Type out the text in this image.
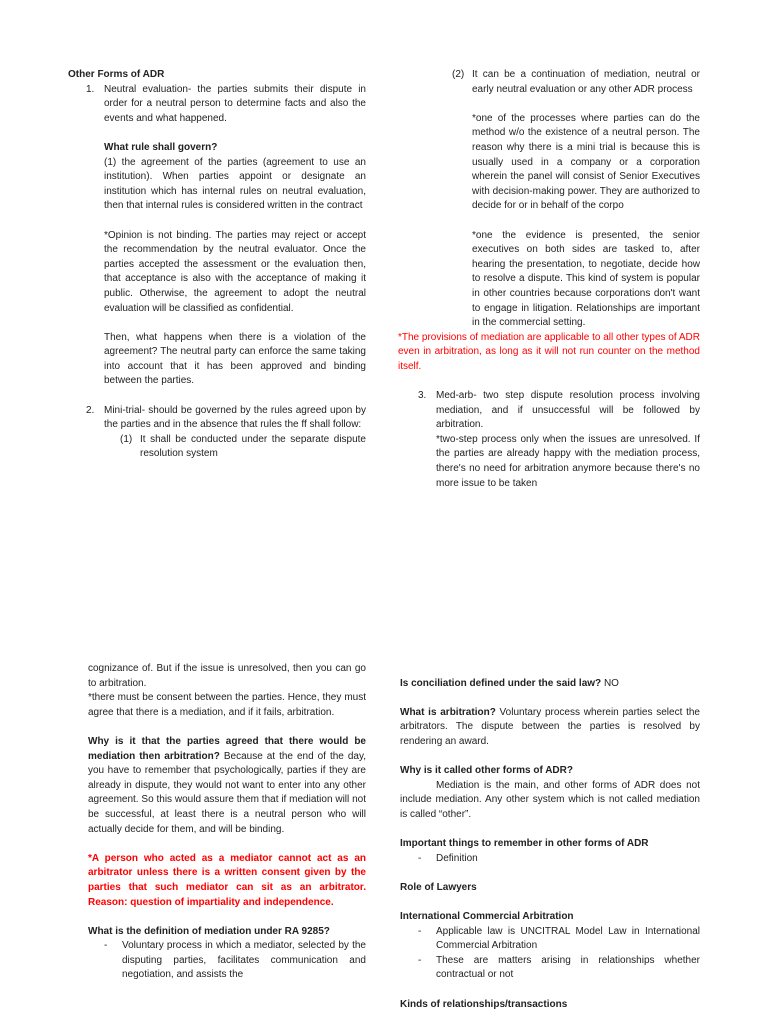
Other Forms of ADR

1. Neutral evaluation- the parties submits their dispute in order for a neutral person to determine facts and also the events and what happened.

What rule shall govern?

(1) the agreement of the parties (agreement to use an institution). When parties appoint or designate an institution which has internal rules on neutral evaluation, then that internal rules is considered written in the contract

*Opinion is not binding. The parties may reject or accept the recommendation by the neutral evaluator. Once the parties accepted the assessment or the evaluation then, that acceptance is also with the acceptance of making it public. Otherwise, the agreement to adopt the neutral evaluation will be classified as confidential.

Then, what happens when there is a violation of the agreement? The neutral party can enforce the same taking into account that it has been approved and binding between the parties.

2. Mini-trial- should be governed by the rules agreed upon by the parties and in the absence that rules the ff shall follow:
(1) It shall be conducted under the separate dispute resolution system
(2) It can be a continuation of mediation, neutral or early neutral evaluation or any other ADR process

*one of the processes where parties can do the method w/o the existence of a neutral person. The reason why there is a mini trial is because this is usually used in a company or a corporation wherein the panel will consist of Senior Executives with decision-making power. They are authorized to decide for or in behalf of the corpo

*one the evidence is presented, the senior executives on both sides are tasked to, after hearing the presentation, to negotiate, decide how to resolve a dispute. This kind of system is popular in other countries because corporations don't want to engage in litigation. Relationships are important in the commercial setting.

*The provisions of mediation are applicable to all other types of ADR even in arbitration, as long as it will not run counter on the method itself.

3. Med-arb- two step dispute resolution process involving mediation, and if unsuccessful will be followed by arbitration.

*two-step process only when the issues are unresolved. If the parties are already happy with the mediation process, there's no need for arbitration anymore because there's no more issue to be taken

cognizance of. But if the issue is unresolved, then you can go to arbitration.

*there must be consent between the parties. Hence, they must agree that there is a mediation, and if it fails, arbitration.

Why is it that the parties agreed that there would be mediation then arbitration? Because at the end of the day, you have to remember that psychologically, parties if they are already in dispute, they would not want to enter into any other agreement. So this would assure them that if mediation will not be successful, at least there is a neutral person who will actually decide for them, and will be binding.

*A person who acted as a mediator cannot act as an arbitrator unless there is a written consent given by the parties that such mediator can sit as an arbitrator. Reason: question of impartiality and independence.

What is the definition of mediation under RA 9285?

-	Voluntary process in which a mediator, selected by the disputing parties, facilitates communication and negotiation, and assists the

Is conciliation defined under the said law? NO

What is arbitration? Voluntary process wherein parties select the arbitrators. The dispute between the parties is resolved by rendering an award.

Why is it called other forms of ADR?

Mediation is the main, and other forms of ADR does not include mediation. Any other system which is not called mediation is called “other”.

Important things to remember in other forms of ADR

-	Definition

Role of Lawyers

International Commercial Arbitration

-	Applicable law is UNCITRAL Model Law in International Commercial Arbitration
-	These are matters arising in relationships whether contractual or not

Kinds of relationships/transactions
